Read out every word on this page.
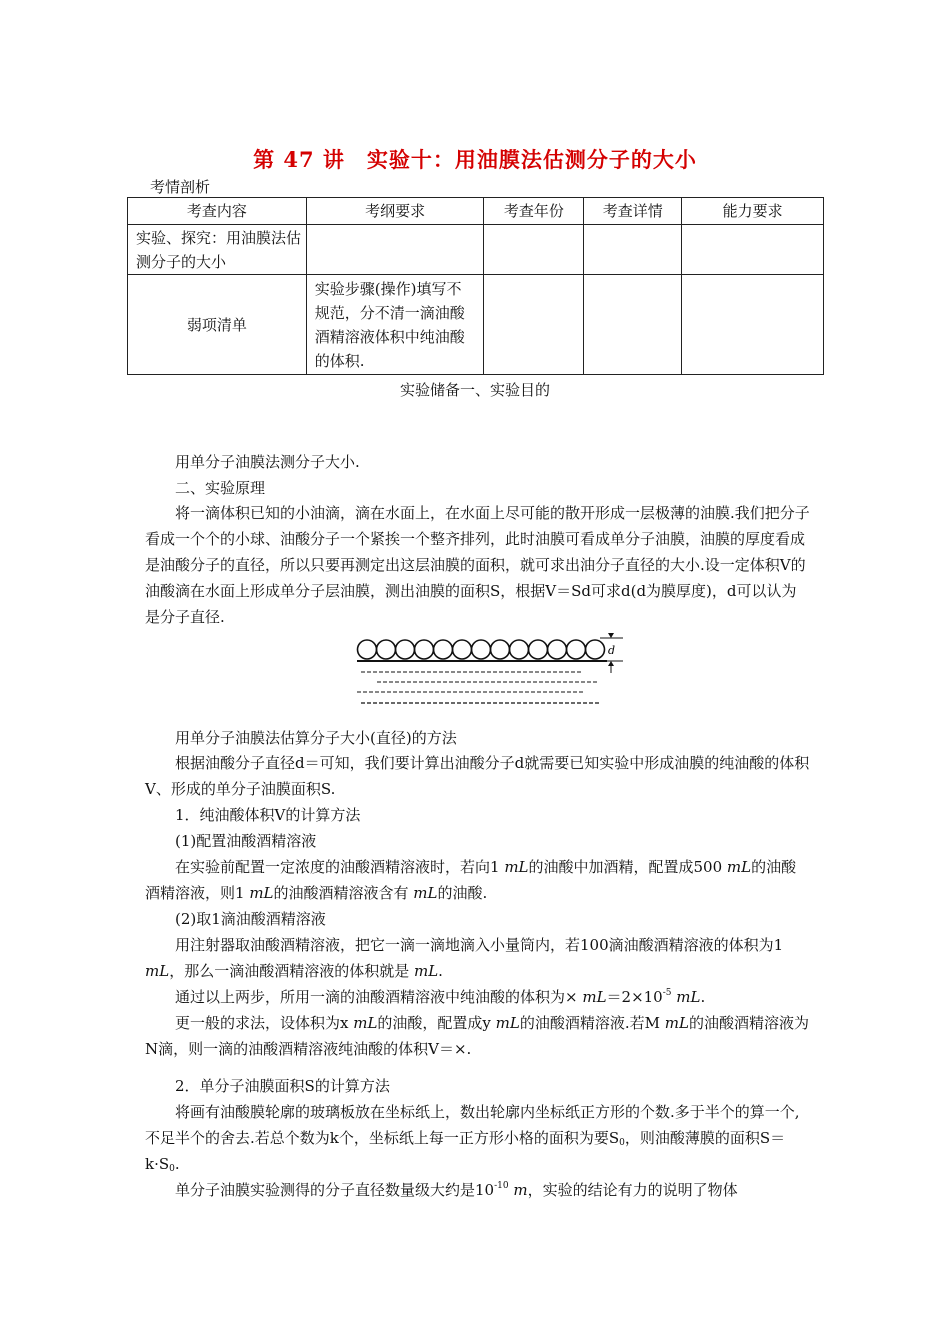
第 47 讲　实验十：用油膜法估测分子的大小
考情剖析
考查内容	考纲要求	考查年份	考查详情	能力要求
实验、探究：用油膜法估测分子的大小				
弱项清单	实验步骤(操作)填写不规范，分不清一滴油酸酒精溶液体积中纯油酸的体积.			
实验储备一、实验目的
用单分子油膜法测分子大小.
二、实验原理

将一滴体积已知的小油滴，滴在水面上，在水面上尽可能的散开形成一层极薄的油膜.我们把分子看成一个个的小球、油酸分子一个紧挨一个整齐排列，此时油膜可看成单分子油膜，油膜的厚度看成是油酸分子的直径，所以只要再测定出这层油膜的面积，就可求出油分子直径的大小.设一定体积V的油酸滴在水面上形成单分子层油膜，测出油膜的面积S，根据V＝Sd可求d(d为膜厚度)，d可以认为是分子直径.

d
用单分子油膜法估算分子大小(直径)的方法

根据油酸分子直径d＝可知，我们要计算出油酸分子d就需要已知实验中形成油膜的纯油酸的体积V、形成的单分子油膜面积S.

1．纯油酸体积V的计算方法

(1)配置油酸酒精溶液

在实验前配置一定浓度的油酸酒精溶液时，若向1 mL的油酸中加酒精，配置成500 mL的油酸酒精溶液，则1 mL的油酸酒精溶液含有 mL的油酸.

(2)取1滴油酸酒精溶液

用注射器取油酸酒精溶液，把它一滴一滴地滴入小量筒内，若100滴油酸酒精溶液的体积为1 mL，那么一滴油酸酒精溶液的体积就是 mL.

通过以上两步，所用一滴的油酸酒精溶液中纯油酸的体积为× $mL=2\times 10^{-5}$ mL.

更一般的求法，设体积为x mL的油酸，配置成y mL的油酸酒精溶液.若M mL的油酸酒精溶液为N滴，则一滴的油酸酒精溶液纯油酸的体积V＝×.

2．单分子油膜面积S的计算方法

将画有油酸膜轮廓的玻璃板放在坐标纸上，数出轮廓内坐标纸正方形的个数.多于半个的算一个,不足半个的舍去.若总个数为k个，坐标纸上每一正方形小格的面积为要$S_0$，则油酸薄膜的面积$S=k\cdot S_0$.

单分子油膜实验测得的分子直径数量级大约是$10^{-10}$ m，实验的结论有力的说明了物体
